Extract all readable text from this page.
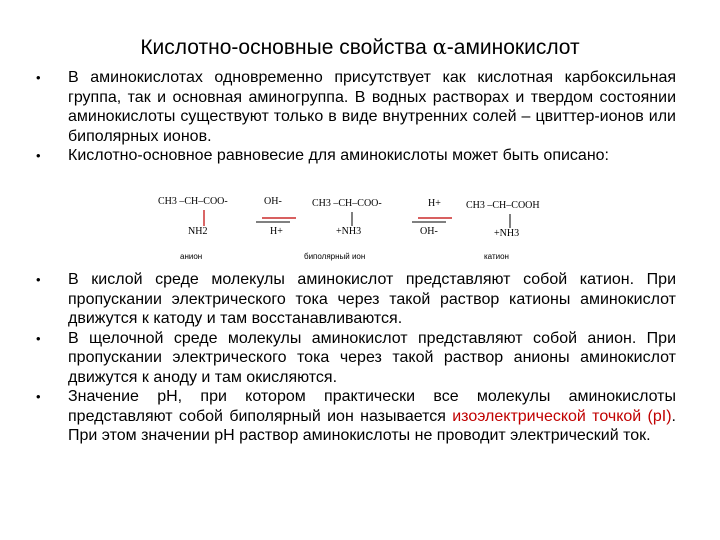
Кислотно-основные свойства α-аминокислот
•	В аминокислотах одновременно присутствует как кислотная карбоксильная группа, так и основная аминогруппа. В водных растворах и твердом состоянии аминокислоты существуют только в виде внутренних солей – цвиттер-ионов или биполярных ионов.

•	Кислотно-основное равновесие для аминокислоты может быть описано:

CH3 –CH–COO-
NH2
анион
OH-
H+
CH3 –CH–COO-
+NH3
биполярный ион
H+
OH-
CH3 –CH–COOH
+NH3
катион
•	В кислой среде молекулы аминокислот представляют собой катион. При пропускании электрического тока через такой раствор катионы аминокислот движутся к катоду и там восстанавливаются.

•	В щелочной среде молекулы аминокислот представляют собой анион. При пропускании электрического тока через такой раствор анионы аминокислот движутся к аноду и там окисляются.

•	Значение рН, при котором практически все молекулы аминокислоты представляют собой биполярный ион называется изоэлектрической точкой (pI). При этом значении рН раствор аминокислоты не проводит электрический ток.
